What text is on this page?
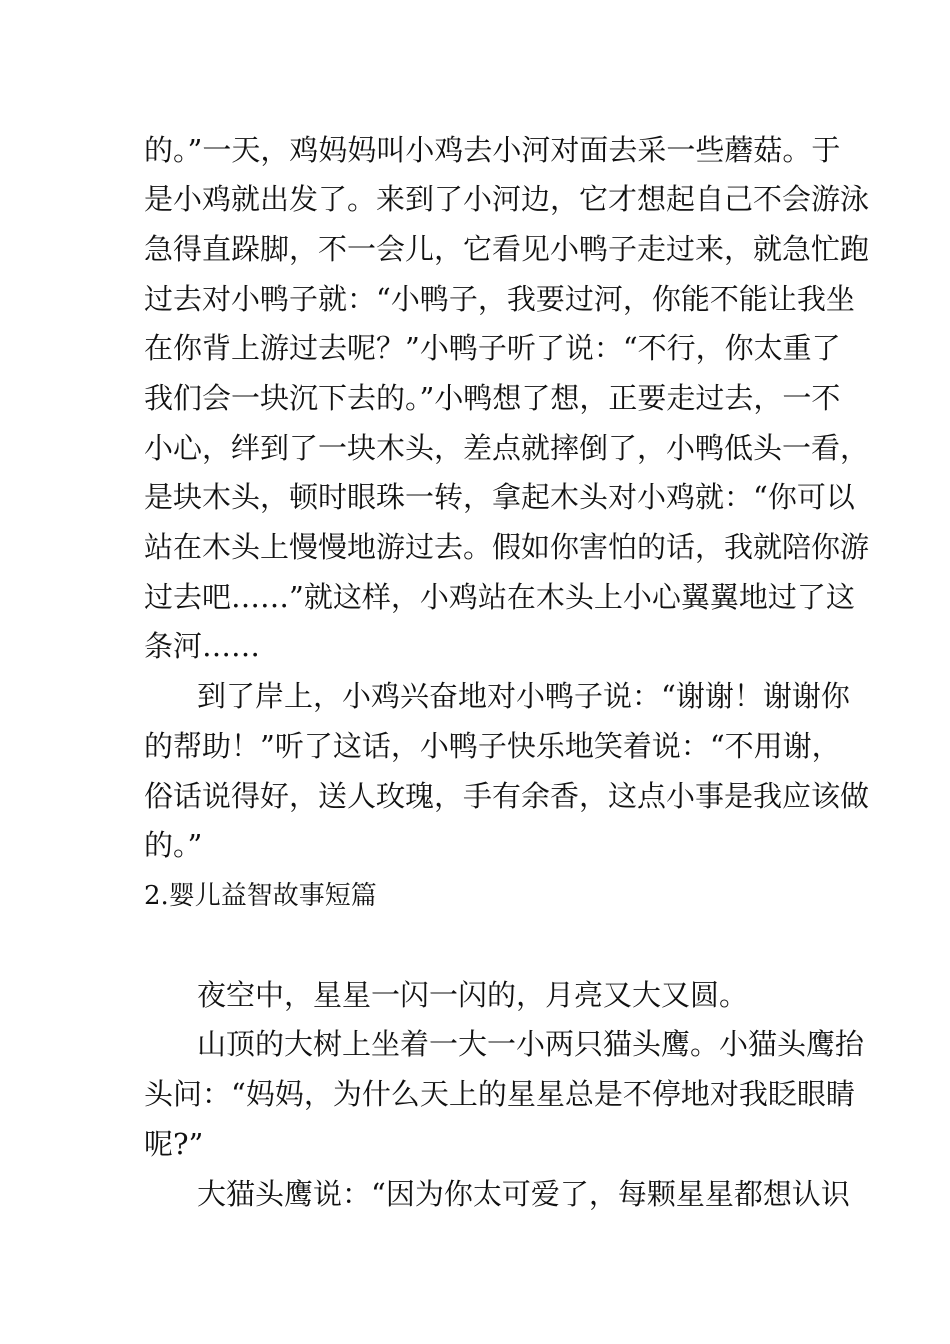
的。”一天，鸡妈妈叫小鸡去小河对面去采一些蘑菇。于
是小鸡就出发了。来到了小河边，它才想起自己不会游泳
急得直跺脚，不一会儿，它看见小鸭子走过来，就急忙跑
过去对小鸭子就：“小鸭子，我要过河，你能不能让我坐
在你背上游过去呢？”小鸭子听了说：“不行，你太重了
我们会一块沉下去的。”小鸭想了想，正要走过去，一不
小心，绊到了一块木头，差点就摔倒了，小鸭低头一看，
是块木头，顿时眼珠一转，拿起木头对小鸡就：“你可以
站在木头上慢慢地游过去。假如你害怕的话，我就陪你游
过去吧……”就这样，小鸡站在木头上小心翼翼地过了这
条河……
到了岸上，小鸡兴奋地对小鸭子说：“谢谢！谢谢你
的帮助！”听了这话，小鸭子快乐地笑着说：“不用谢，
俗话说得好，送人玫瑰，手有余香，这点小事是我应该做
的。”
2.婴儿益智故事短篇
夜空中，星星一闪一闪的，月亮又大又圆。
山顶的大树上坐着一大一小两只猫头鹰。小猫头鹰抬
头问：“妈妈，为什么天上的星星总是不停地对我眨眼睛
呢?”
大猫头鹰说：“因为你太可爱了，每颗星星都想认识
